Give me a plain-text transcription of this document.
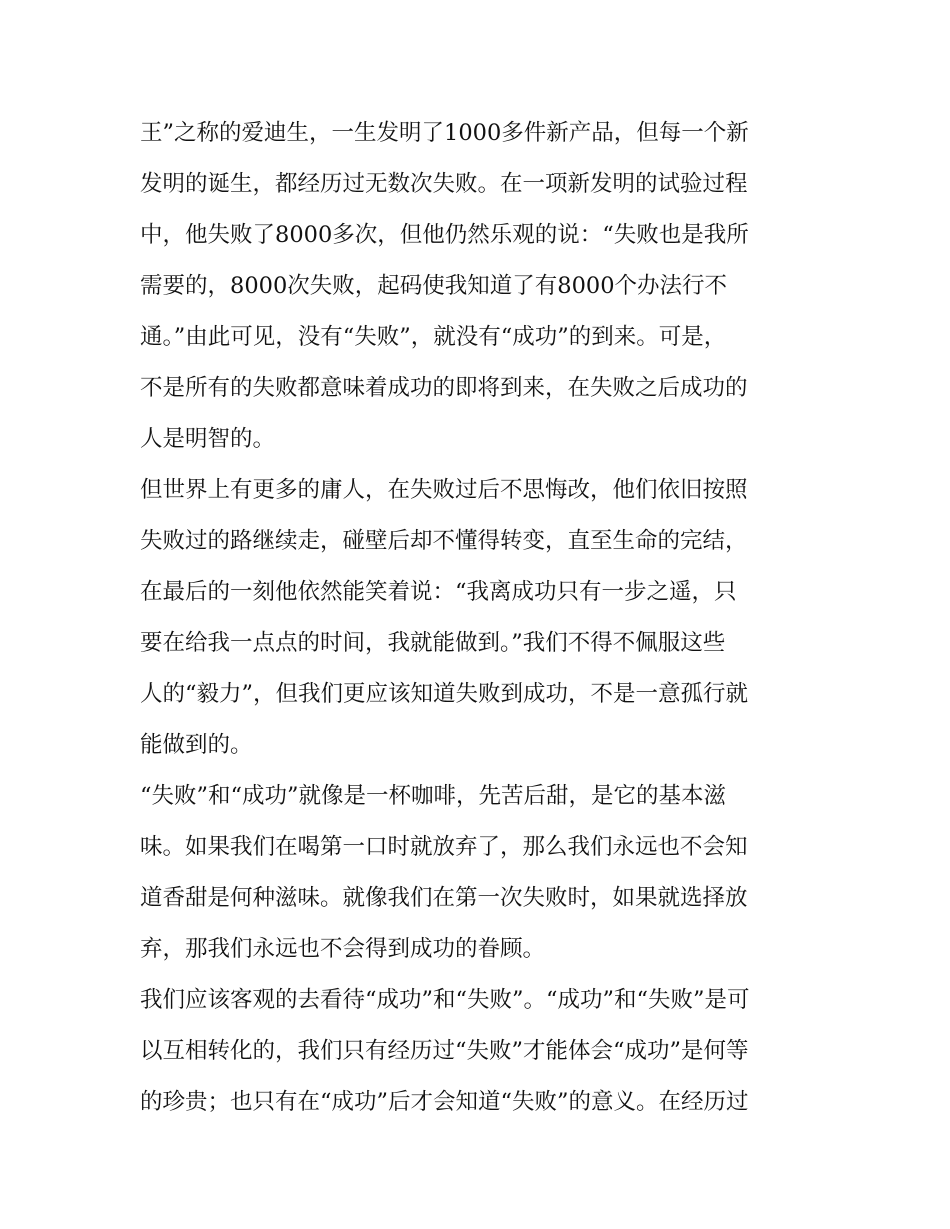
王”之称的爱迪生，一生发明了1000多件新产品，但每一个新
发明的诞生，都经历过无数次失败。在一项新发明的试验过程
中，他失败了8000多次，但他仍然乐观的说：“失败也是我所
需要的，8000次失败，起码使我知道了有8000个办法行不
通。”由此可见，没有“失败”，就没有“成功”的到来。可是，
不是所有的失败都意味着成功的即将到来，在失败之后成功的
人是明智的。
但世界上有更多的庸人，在失败过后不思悔改，他们依旧按照
失败过的路继续走，碰壁后却不懂得转变，直至生命的完结，
在最后的一刻他依然能笑着说：“我离成功只有一步之遥，只
要在给我一点点的时间，我就能做到。”我们不得不佩服这些
人的“毅力”，但我们更应该知道失败到成功，不是一意孤行就
能做到的。
“失败”和“成功”就像是一杯咖啡，先苦后甜，是它的基本滋
味。如果我们在喝第一口时就放弃了，那么我们永远也不会知
道香甜是何种滋味。就像我们在第一次失败时，如果就选择放
弃，那我们永远也不会得到成功的眷顾。
我们应该客观的去看待“成功”和“失败”。“成功”和“失败”是可
以互相转化的，我们只有经历过“失败”才能体会“成功”是何等
的珍贵；也只有在“成功”后才会知道“失败”的意义。在经历过
